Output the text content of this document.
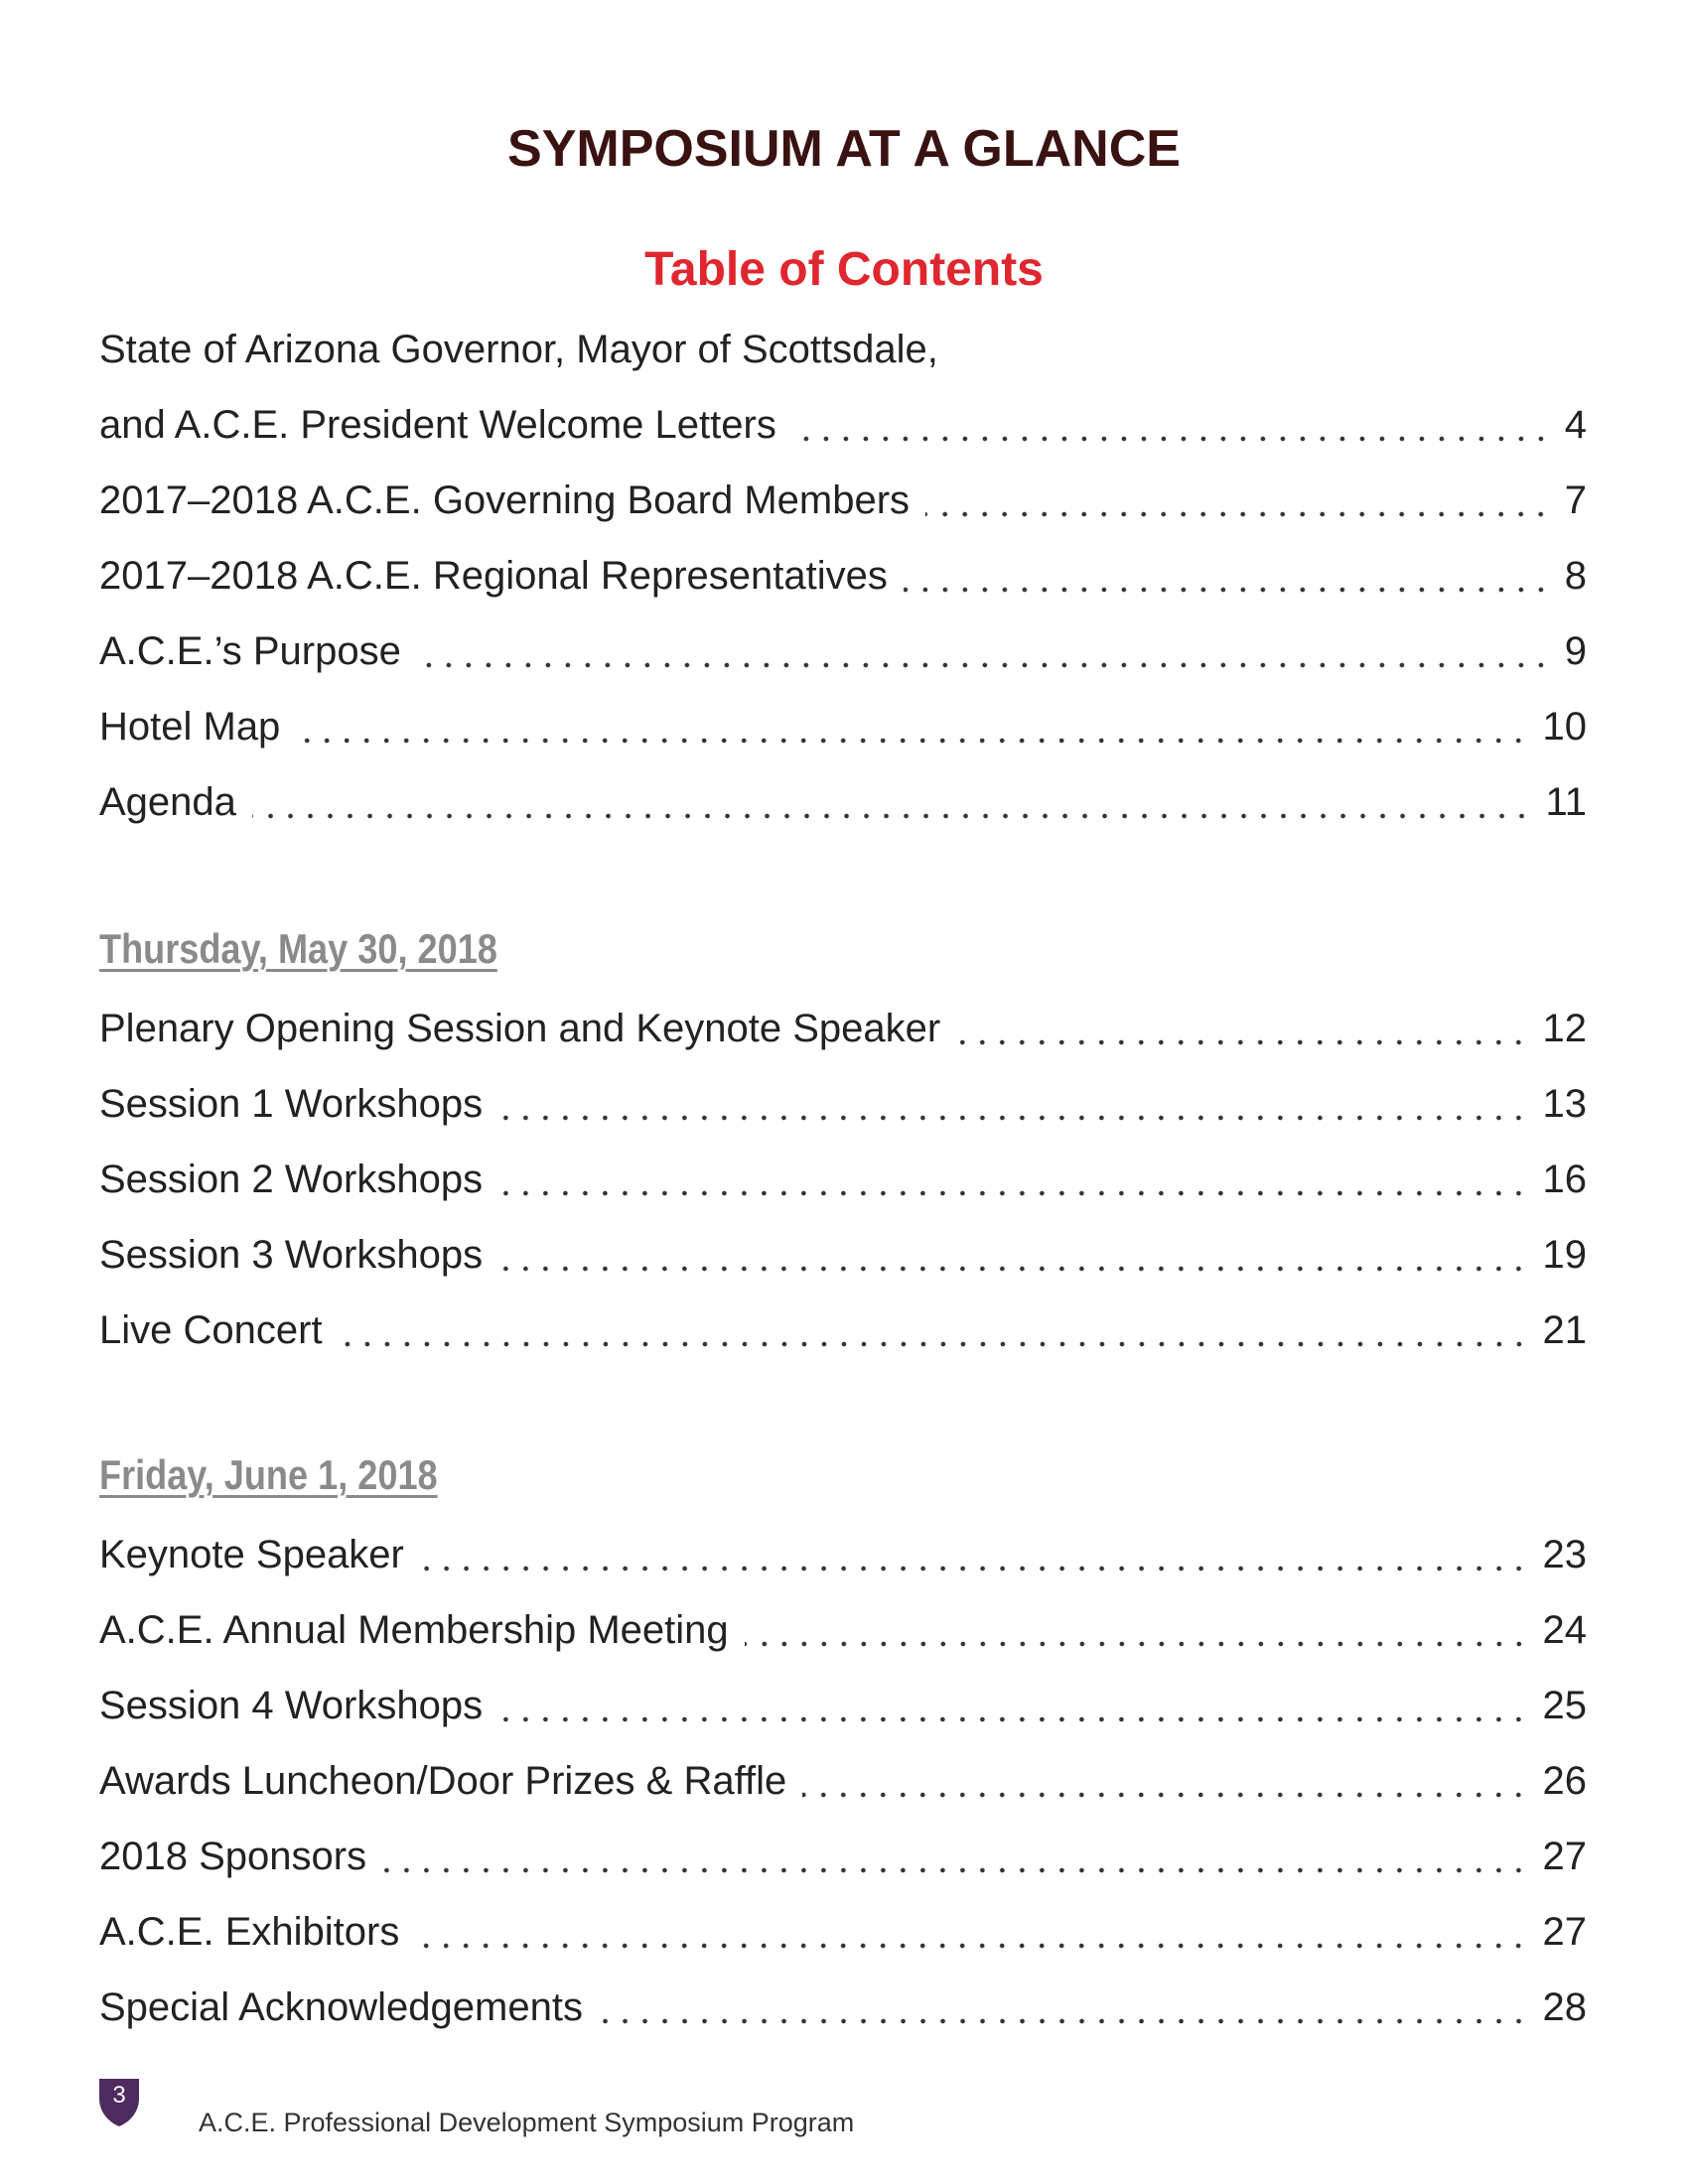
SYMPOSIUM AT A GLANCE
Table of Contents
State of Arizona Governor, Mayor of Scottsdale,
and A.C.E. President Welcome Letters	4
2017–2018 A.C.E. Governing Board Members	7
2017–2018 A.C.E. Regional Representatives	8
A.C.E.’s Purpose	9
Hotel Map	10
Agenda	11
Thursday, May 30, 2018
Plenary Opening Session and Keynote Speaker	12
Session 1 Workshops	13
Session 2 Workshops	16
Session 3 Workshops	19
Live Concert	21
Friday, June 1, 2018
Keynote Speaker	23
A.C.E. Annual Membership Meeting	24
Session 4 Workshops	25
Awards Luncheon/Door Prizes & Raffle	26
2018 Sponsors	27
A.C.E. Exhibitors	27
Special Acknowledgements	28
3
A.C.E. Professional Development Symposium Program
